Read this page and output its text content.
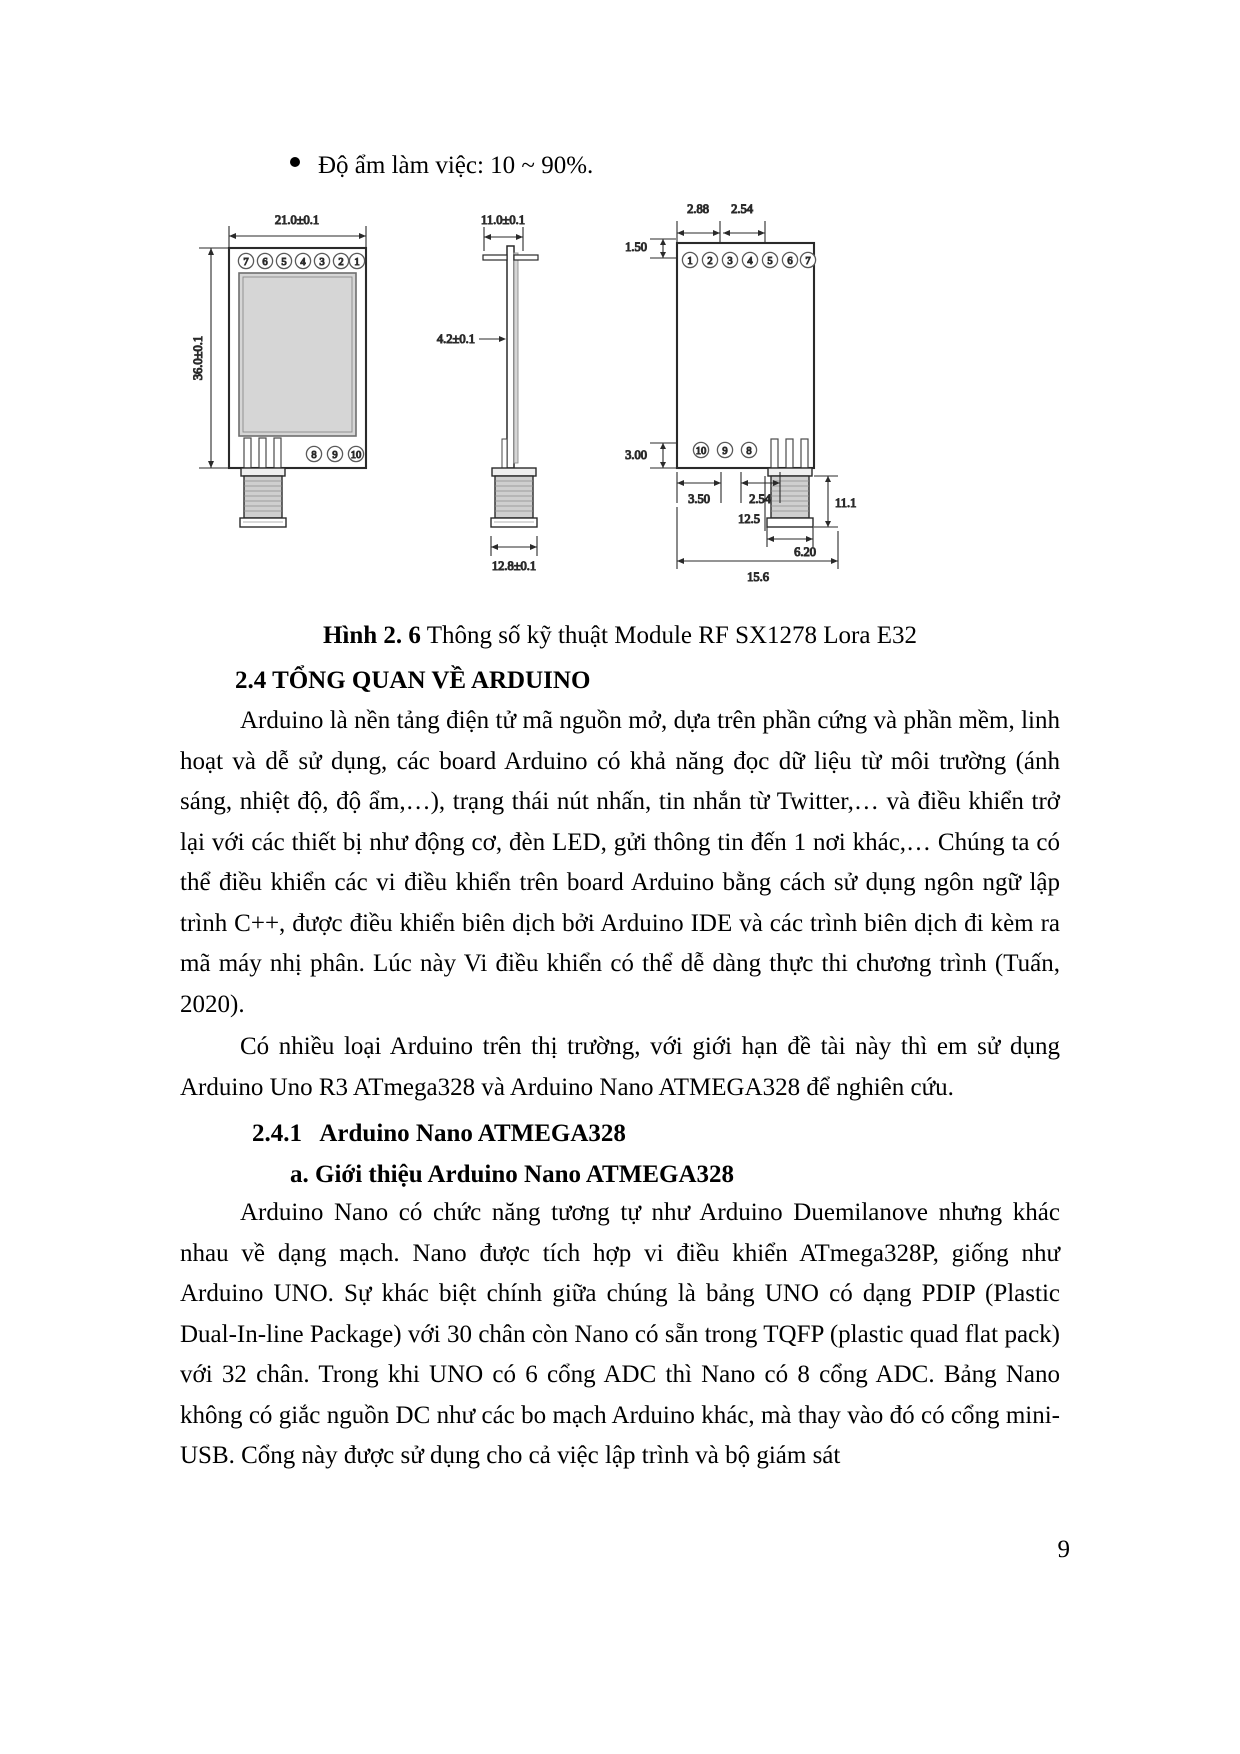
Độ ẩm làm việc: 10 ~ 90%.
21.0±0.1
36.0±0.1
7 6 5 4 3 2 1
8 9 10
11.0±0.1
4.2±0.1
12.8±0.1
2.88 2.54
1.50
1 2 3 4 5 6 7
10 9 8
3.00
3.50	2.54
12.5
11.1
6.20
15.6
Hình 2. 6 Thông số kỹ thuật Module RF SX1278 Lora E32
2.4 TỔNG QUAN VỀ ARDUINO

Arduino là nền tảng điện tử mã nguồn mở, dựa trên phần cứng và phần mềm, linh hoạt và dễ sử dụng, các board Arduino có khả năng đọc dữ liệu từ môi trường (ánh sáng, nhiệt độ, độ ẩm,…), trạng thái nút nhấn, tin nhắn từ Twitter,… và điều khiển trở lại với các thiết bị như động cơ, đèn LED, gửi thông tin đến 1 nơi khác,… Chúng ta có thể điều khiển các vi điều khiển trên board Arduino bằng cách sử dụng ngôn ngữ lập trình C++, được điều khiển biên dịch bởi Arduino IDE và các trình biên dịch đi kèm ra mã máy nhị phân. Lúc này Vi điều khiển có thể dễ dàng thực thi chương trình (Tuấn, 2020).

Có nhiều loại Arduino trên thị trường, với giới hạn đề tài này thì em sử dụng Arduino Uno R3 ATmega328 và Arduino Nano ATMEGA328 để nghiên cứu.

2.4.1 Arduino Nano ATMEGA328
a. Giới thiệu Arduino Nano ATMEGA328

Arduino Nano có chức năng tương tự như Arduino Duemilanove nhưng khác nhau về dạng mạch. Nano được tích hợp vi điều khiển ATmega328P, giống như Arduino UNO. Sự khác biệt chính giữa chúng là bảng UNO có dạng PDIP (Plastic Dual-In-line Package) với 30 chân còn Nano có sẵn trong TQFP (plastic quad flat pack) với 32 chân. Trong khi UNO có 6 cổng ADC thì Nano có 8 cổng ADC. Bảng Nano không có giắc nguồn DC như các bo mạch Arduino khác, mà thay vào đó có cổng mini-USB. Cổng này được sử dụng cho cả việc lập trình và bộ giám sát

9
